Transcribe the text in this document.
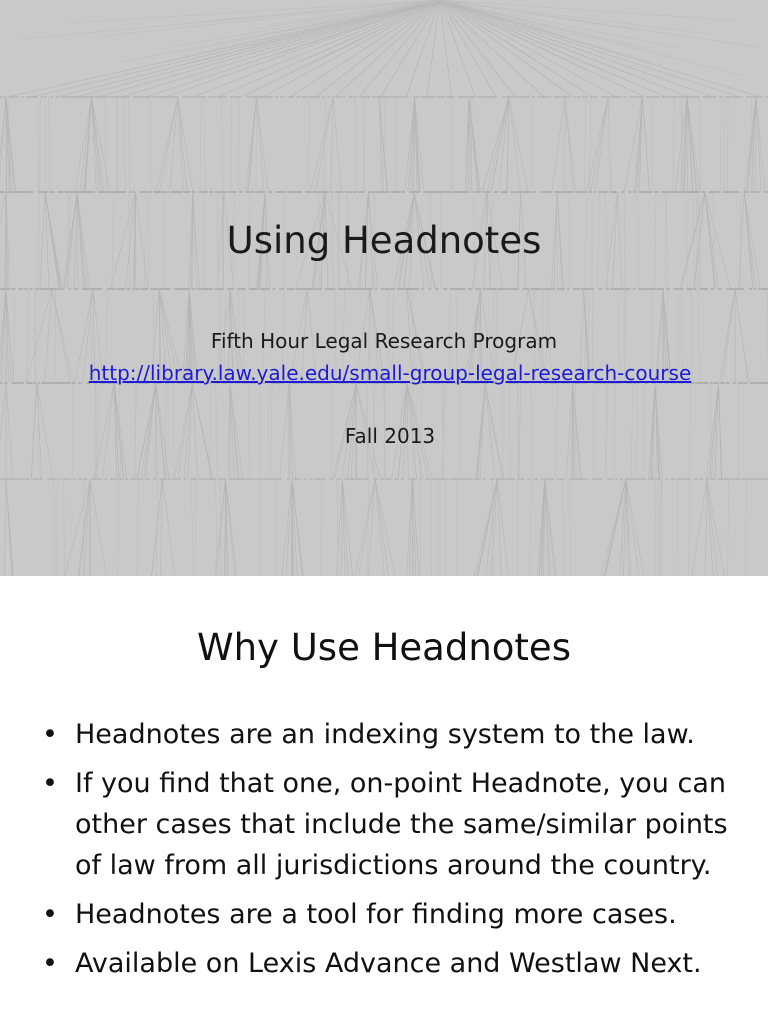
Using Headnotes
Fifth Hour Legal Research Program
http://library.law.yale.edu/small-group-legal-research-course
Fall 2013
Why Use Headnotes
• Headnotes are an indexing system to the law.
• If you find that one, on-point Headnote, you can other cases that include the same/similar points of law from all jurisdictions around the country.
• Headnotes are a tool for finding more cases.
• Available on Lexis Advance and Westlaw Next.
